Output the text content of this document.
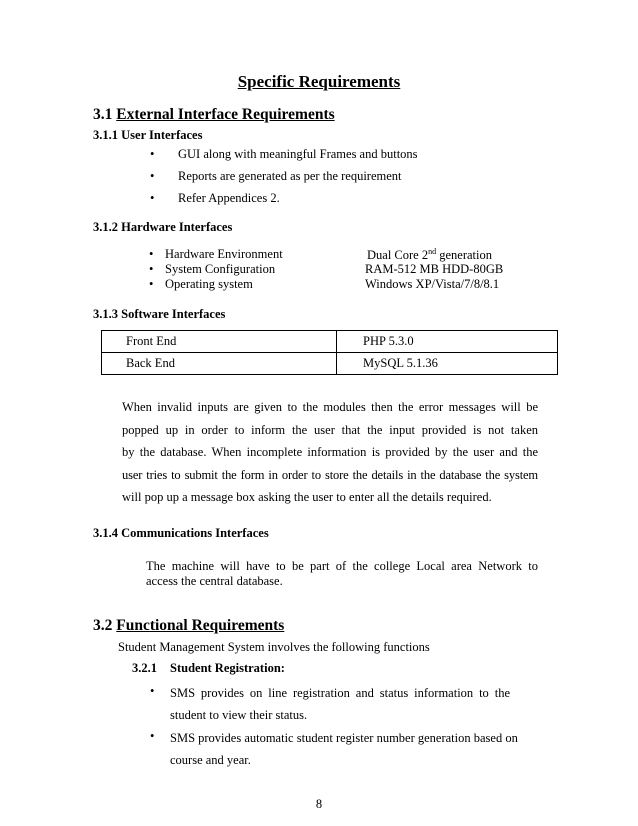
Specific Requirements
3.1 External Interface Requirements
3.1.1 User Interfaces
• GUI along with meaningful Frames and buttons
• Reports are generated as per the requirement
• Refer Appendices 2.
3.1.2 Hardware Interfaces
• Hardware Environment	Dual Core 2nd generation
• System Configuration	RAM-512 MB HDD-80GB
• Operating system	Windows XP/Vista/7/8/8.1
3.1.3 Software Interfaces
Front End	PHP 5.3.0
Back End	MySQL 5.1.36
When invalid inputs are given to the modules then the error messages will be
popped up in order to inform the user that the input provided is not taken
by the database. When incomplete information is provided by the user and the
user tries to submit the form in order to store the details in the database the system
will pop up a message box asking the user to enter all the details required.
3.1.4 Communications Interfaces
The machine will have to be part of the college Local area Network to
access the central database.
3.2 Functional Requirements
Student Management System involves the following functions
3.2.1 Student Registration:
• SMS provides on line registration and status information to the
student to view their status.
• SMS provides automatic student register number generation based on
course and year.
8
